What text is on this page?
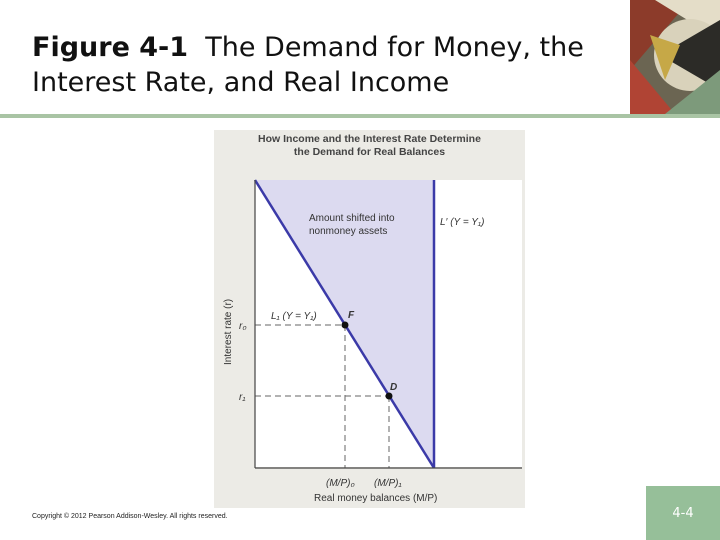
Figure 4-1 The Demand for Money, the Interest Rate, and Real Income
How Income and the Interest Rate Determine
the Demand for Real Balances
Amount shifted into
nonmoney assets
L′ (Y = Y₁)
L₁ (Y = Y₁)	F
D
r₀
r₁
(M/P)₀ (M/P)₁
Real money balances (M/P)
Interest rate (r)
Copyright © 2012 Pearson Addison-Wesley. All rights reserved.	4-4
